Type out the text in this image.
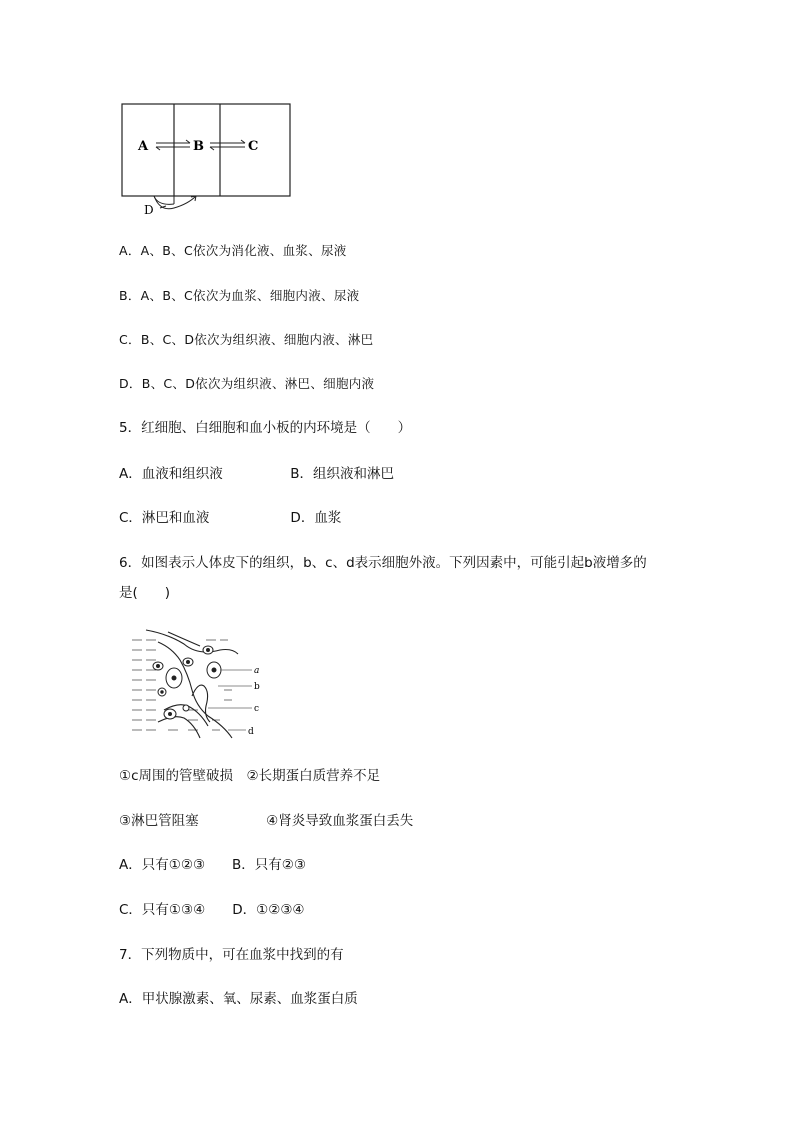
A	B	C
D
A．A、B、C依次为消化液、血浆、尿液
B．A、B、C依次为血浆、细胞内液、尿液
C．B、C、D依次为组织液、细胞内液、淋巴
D．B、C、D依次为组织液、淋巴、细胞内液
5．红细胞、白细胞和血小板的内环境是（　　）
A．血液和组织液　　　　　B．组织液和淋巴
C．淋巴和血液　　　　　　D．血浆
6．如图表示人体皮下的组织，b、c、d表示细胞外液。下列因素中，可能引起b液增多的
是(　　)
a
b
c
d
①c周围的管壁破损　②长期蛋白质营养不足
③淋巴管阻塞　　　　　④肾炎导致血浆蛋白丢失
A．只有①②③　　B．只有②③
C．只有①③④　　D．①②③④
7．下列物质中，可在血浆中找到的有
A．甲状腺激素、氧、尿素、血浆蛋白质
